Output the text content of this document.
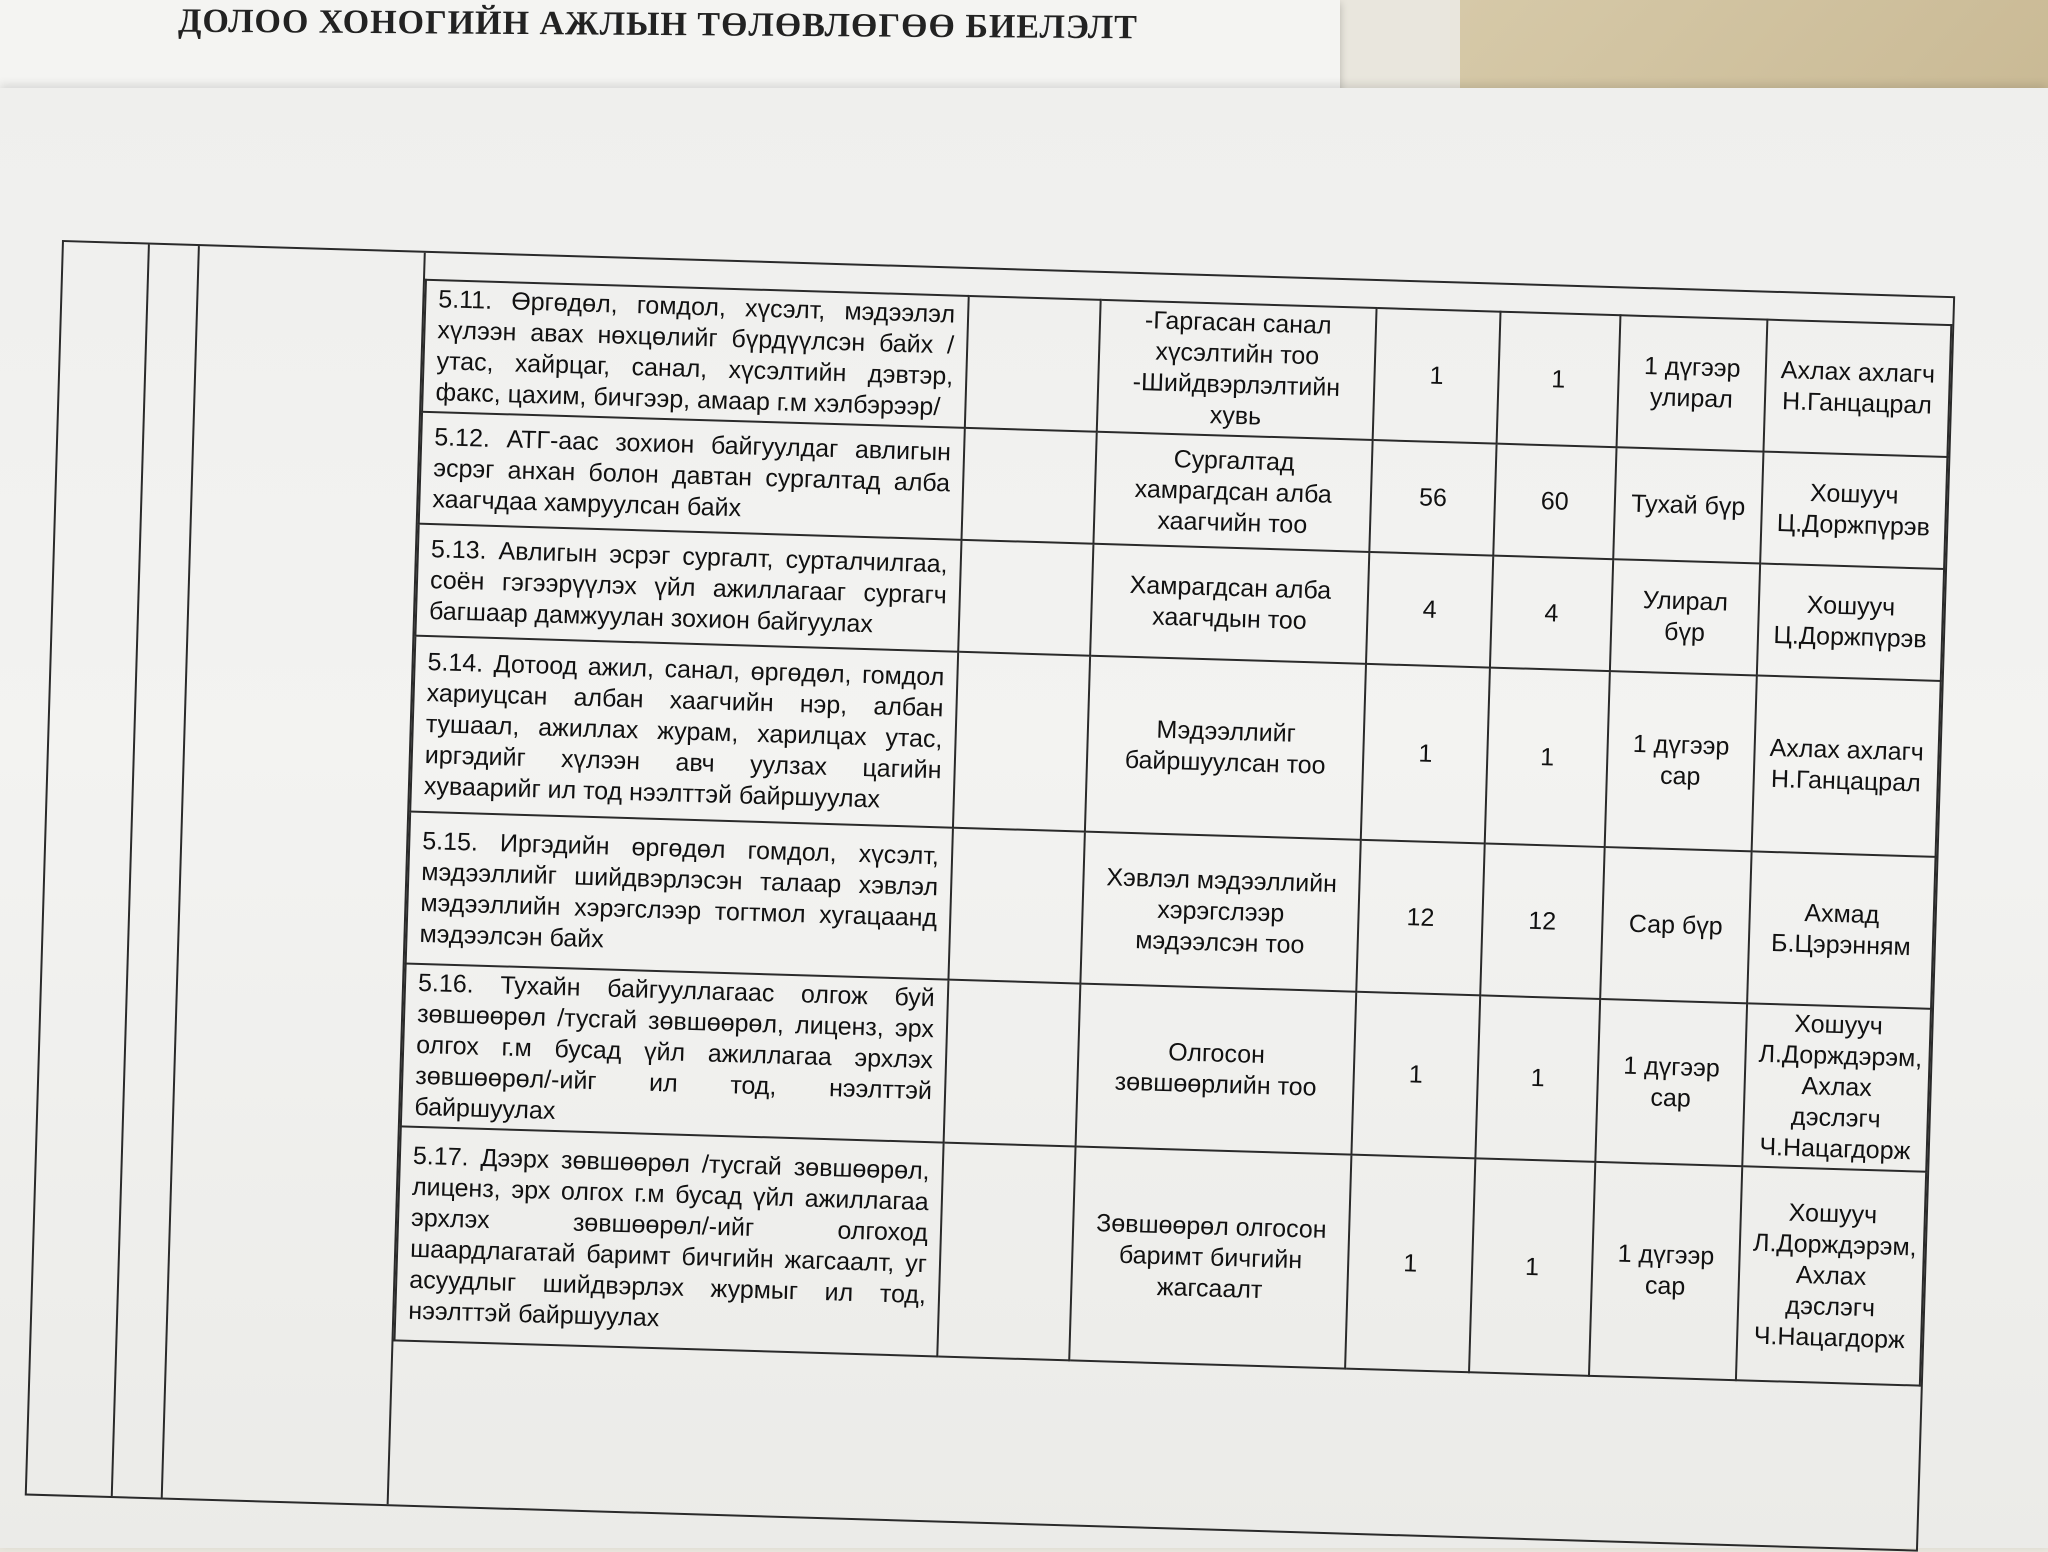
ДОЛОО ХОНОГИЙН АЖЛЫН ТӨЛӨВЛӨГӨӨ БИЕЛЭЛТ
5.11. Өргөдөл, гомдол, хүсэлт, мэдээлэл хүлээн авах нөхцөлийг бүрдүүлсэн байх /утас, хайрцаг, санал, хүсэлтийн дэвтэр, факс, цахим, бичгээр, амаар г.м хэлбэрээр/		-Гаргасан санал хүсэлтийн тоо -Шийдвэрлэлтийн хувь	1	1	1 дүгээр улирал	Ахлах ахлагч Н.Ганцацрал
5.12. АТГ-аас зохион байгуулдаг авлигын эсрэг анхан болон давтан сургалтад алба хаагчдаа хамруулсан байх		Сургалтад хамрагдсан алба хаагчийн тоо	56	60	Тухай бүр	Хошууч Ц.Доржпүрэв
5.13. Авлигын эсрэг сургалт, сурталчилгаа, соён гэгээрүүлэх үйл ажиллагааг сургагч багшаар дамжуулан зохион байгуулах		Хамрагдсан алба хаагчдын тоо	4	4	Улирал бүр	Хошууч Ц.Доржпүрэв
5.14. Дотоод ажил, санал, өргөдөл, гомдол хариуцсан албан хаагчийн нэр, албан тушаал, ажиллах журам, харилцах утас, иргэдийг хүлээн авч уулзах цагийн хуваарийг ил тод нээлттэй байршуулах		Мэдээллийг байршуулсан тоо	1	1	1 дүгээр сар	Ахлах ахлагч Н.Ганцацрал
5.15. Иргэдийн өргөдөл гомдол, хүсэлт, мэдээллийг шийдвэрлэсэн талаар хэвлэл мэдээллийн хэрэгслээр тогтмол хугацаанд мэдээлсэн байх		Хэвлэл мэдээллийн хэрэгслээр мэдээлсэн тоо	12	12	Сар бүр	Ахмад Б.Цэрэнням
5.16. Тухайн байгууллагаас олгож буй зөвшөөрөл /тусгай зөвшөөрөл, лиценз, эрх олгох г.м бусад үйл ажиллагаа эрхлэх зөвшөөрөл/-ийг ил тод, нээлттэй байршуулах		Олгосон зөвшөөрлийн тоо	1	1	1 дүгээр сар	Хошууч Л.Дорждэрэм, Ахлах дэслэгч Ч.Нацагдорж
5.17. Дээрх зөвшөөрөл /тусгай зөвшөөрөл, лиценз, эрх олгох г.м бусад үйл ажиллагаа эрхлэх зөвшөөрөл/-ийг олгоход шаардлагатай баримт бичгийн жагсаалт, уг асуудлыг шийдвэрлэх журмыг ил тод, нээлттэй байршуулах		Зөвшөөрөл олгосон баримт бичгийн жагсаалт	1	1	1 дүгээр сар	Хошууч Л.Дорждэрэм, Ахлах дэслэгч Ч.Нацагдорж
